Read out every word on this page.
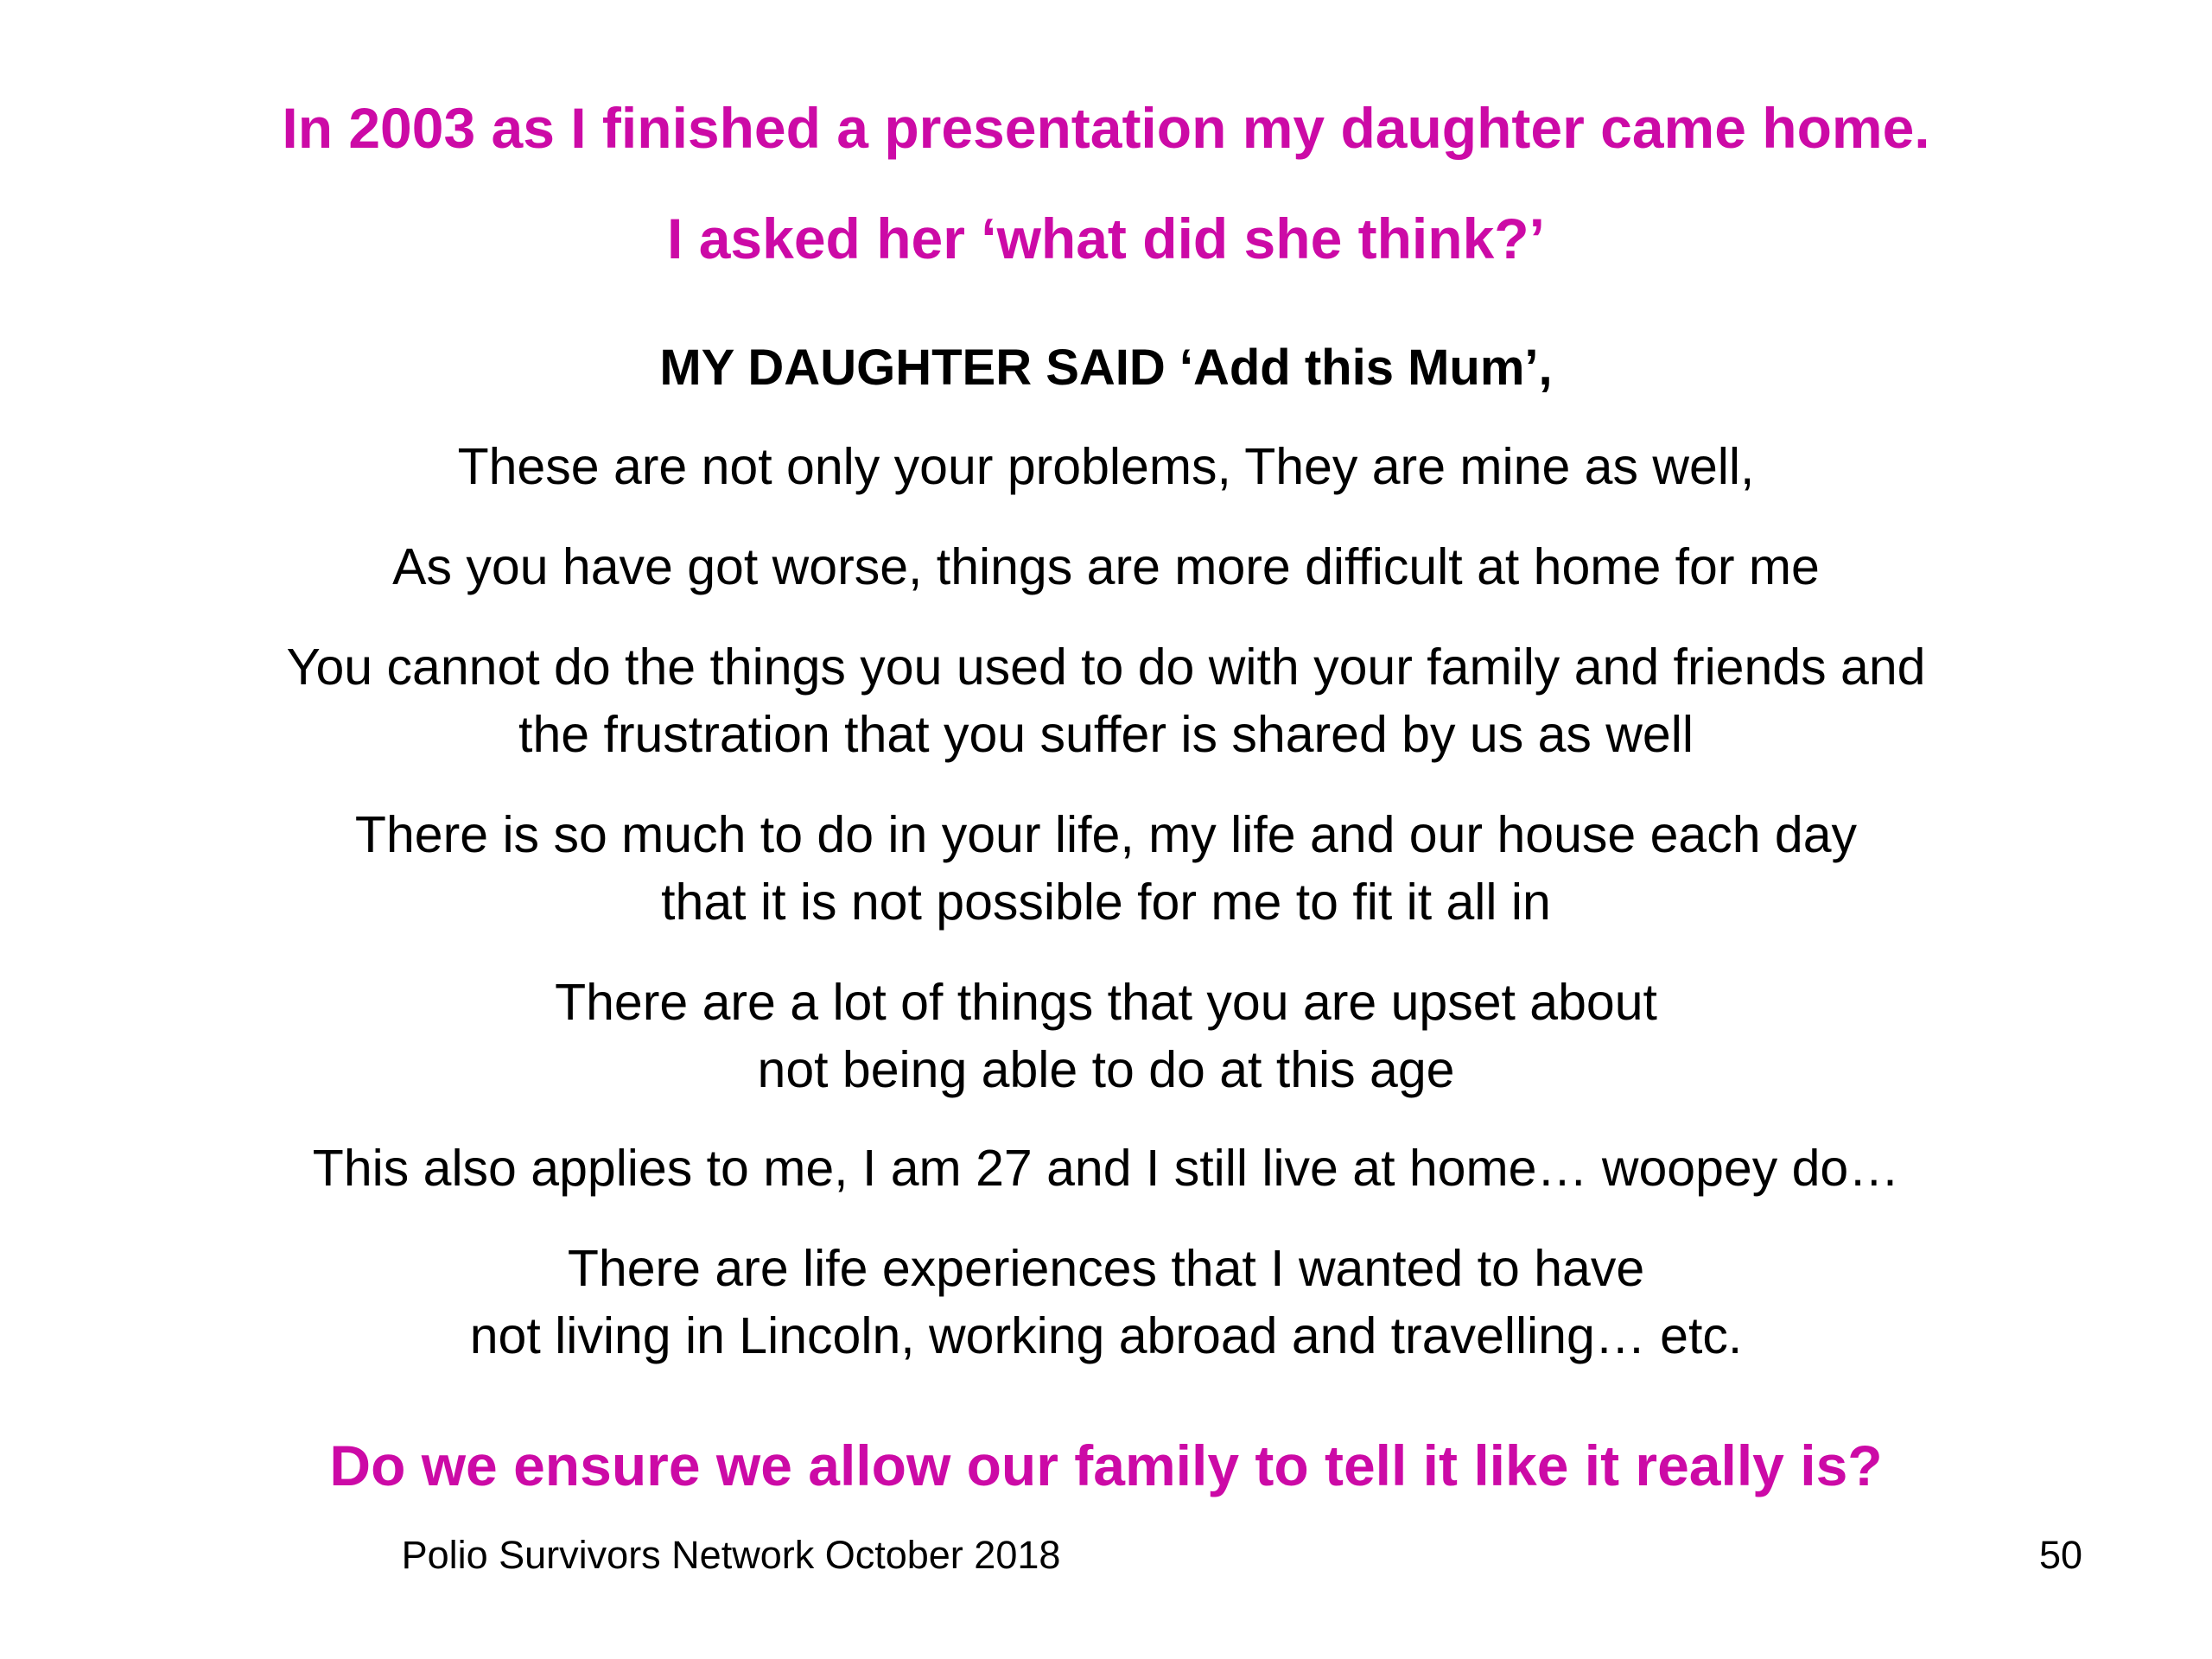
In 2003 as I finished a presentation my daughter came home.
I asked her ‘what did she think?’
MY DAUGHTER SAID ‘Add this Mum’,
These are not only your problems, They are mine as well,
As you have got worse, things are more difficult at home for me
You cannot do the things you used to do with your family and friends and
the frustration that you suffer is shared by us as well
There is so much to do in your life, my life and our house each day
that it is not possible for me to fit it all in
There are a lot of things that you are upset about
not being able to do at this age
This also applies to me, I am 27 and I still live at home… woopey do…
There are life experiences that I wanted to have
not living in Lincoln, working abroad and travelling… etc.
Do we ensure we allow our family to tell it like it really is?
Polio Survivors Network October 2018	50
